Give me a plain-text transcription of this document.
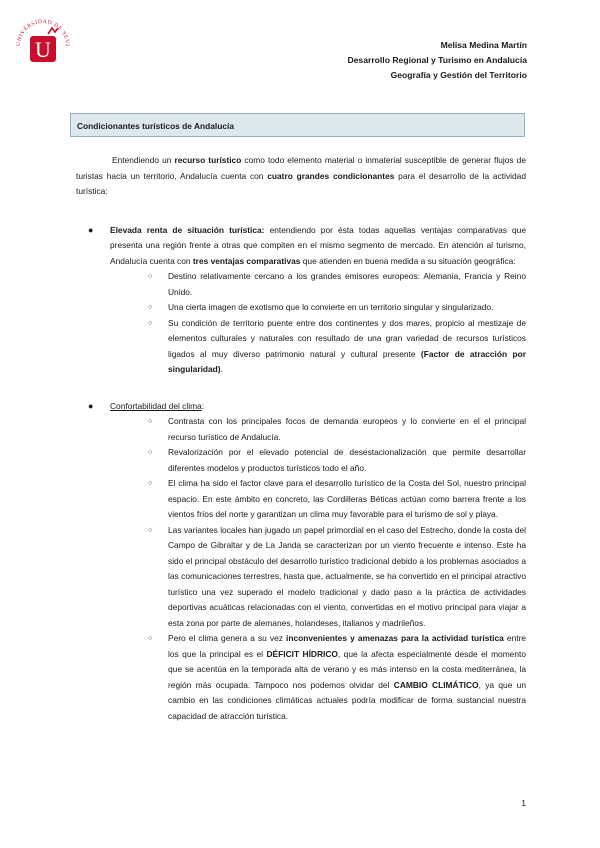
UNIVERSIDAD DE SEVI
U	Melisa Medina Martín
Desarrollo Regional y Turismo en Andalucía
Geografía y Gestión del Territorio
Condicionantes turísticos de Andalucía

Entendiendo un recurso turístico como todo elemento material o inmaterial susceptible de generar flujos de turistas hacia un territorio, Andalucía cuenta con cuatro grandes condicionantes para el desarrollo de la actividad turística:

● Elevada renta de situación turística: entendiendo por ésta todas aquellas ventajas comparativas que presenta una región frente a otras que compiten en el mismo segmento de mercado. En atención al turismo, Andalucía cuenta con tres ventajas comparativas que atienden en buena medida a su situación geográfica:

○ Destino relativamente cercano a los grandes emisores europeos: Alemania, Francia y Reino Unido.
○ Una cierta imagen de exotismo que lo convierte en un territorio singular y singularizado.
○ Su condición de territorio puente entre dos continentes y dos mares, propicio al mestizaje de elementos culturales y naturales con resultado de una gran variedad de recursos turísticos ligados al muy diverso patrimonio natural y cultural presente (Factor de atracción por singularidad).
● Confortabilidad del clima:

○ Contrasta con los principales focos de demanda europeos y lo convierte en el el principal recurso turístico de Andalucía.
○ Revalorización por el elevado potencial de desestacionalización que permite desarrollar diferentes modelos y productos turísticos todo el año.
○ El clima ha sido el factor clave para el desarrollo turístico de la Costa del Sol, nuestro principal espacio. En este ámbito en concreto, las Cordilleras Béticas actúan como barrera frente a los vientos fríos del norte y garantizan un clima muy favorable para el turismo de sol y playa.
○ Las variantes locales han jugado un papel primordial en el caso del Estrecho, donde la costa del Campo de Gibraltar y de La Janda se caracterizan por un viento frecuente e intenso. Este ha sido el principal obstáculo del desarrollo turístico tradicional debido a los problemas asociados a las comunicaciones terrestres, hasta que, actualmente, se ha convertido en el principal atractivo turístico una vez superado el modelo tradicional y dado paso a la práctica de actividades deportivas acuáticas relacionadas con el viento, convertidas en el motivo principal para viajar a esta zona por parte de alemanes, holandeses, italianos y madrileños.
○ Pero el clima genera a su vez inconvenientes y amenazas para la actividad turística entre los que la principal es el DÉFICIT HÍDRICO, que la afecta especialmente desde el momento que se acentúa en la temporada alta de verano y es más intenso en la costa mediterránea, la región más ocupada. Tampoco nos podemos olvidar del CAMBIO CLIMÁTICO, ya que un cambio en las condiciones climáticas actuales podría modificar de forma sustancial nuestra capacidad de atracción turística.
1
